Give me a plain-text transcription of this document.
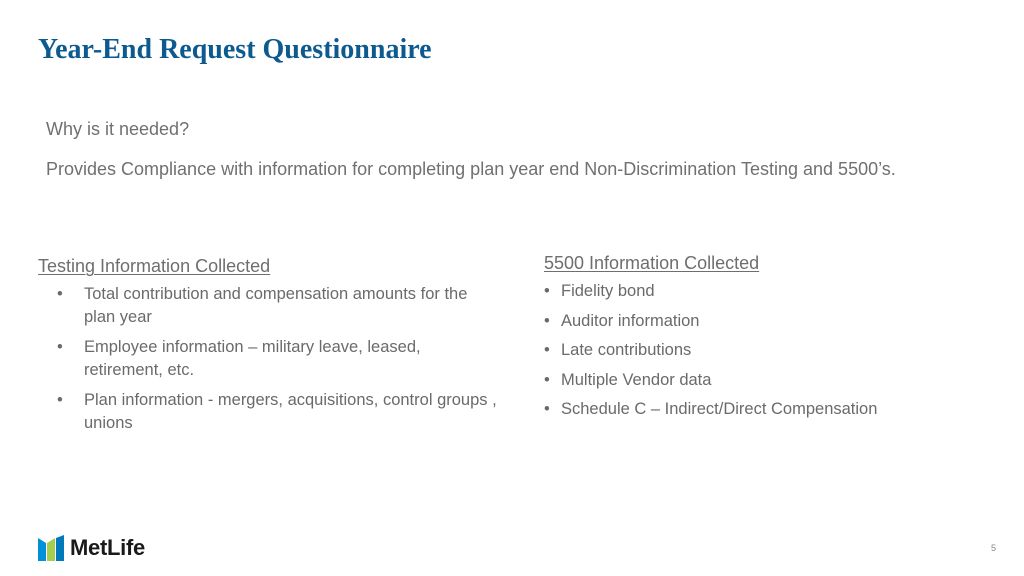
Year-End Request Questionnaire
Why is it needed?
Provides Compliance with information for completing plan year end Non-Discrimination Testing and 5500’s.
Testing Information Collected
• Total contribution and compensation amounts for the plan year
• Employee information – military leave, leased, retirement, etc.
• Plan information - mergers, acquisitions, control groups , unions
5500 Information Collected
• Fidelity bond
• Auditor information
• Late contributions
• Multiple Vendor data
• Schedule C – Indirect/Direct Compensation
MetLife	5
